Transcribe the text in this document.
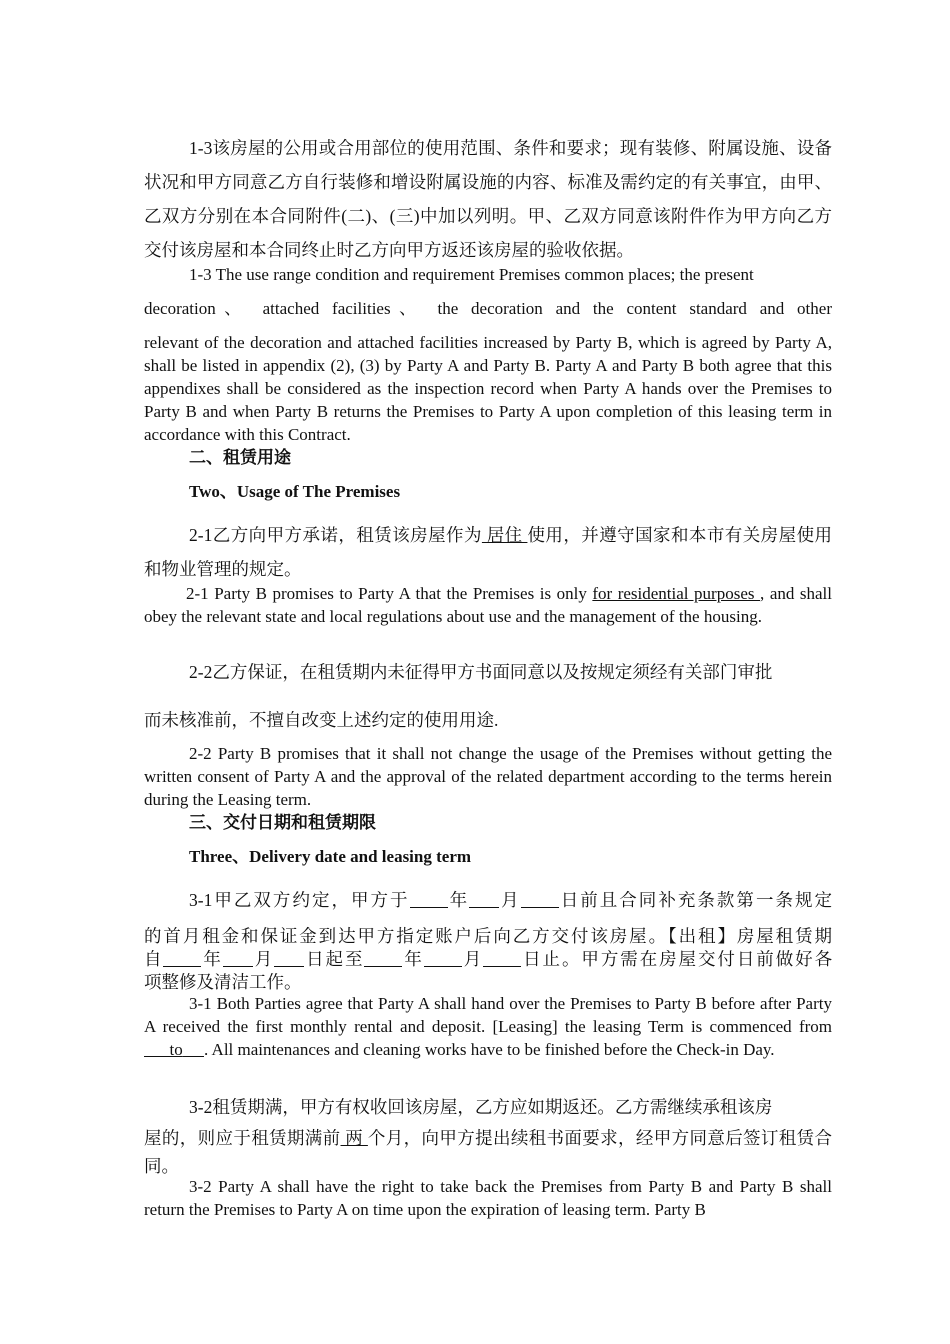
1-3该房屋的公用或合用部位的使用范围、条件和要求；现有装修、附属设施、设备状况和甲方同意乙方自行装修和增设附属设施的内容、标准及需约定的有关事宜，由甲、乙双方分别在本合同附件(二)、(三)中加以列明。甲、乙双方同意该附件作为甲方向乙方交付该房屋和本合同终止时乙方向甲方返还该房屋的验收依据。

1-3 The use range condition and requirement Premises common places; the present

decoration、 attached facilities、 the decoration and the content standard and other

relevant of the decoration and attached facilities increased by Party B, which is agreed by Party A, shall be listed in appendix (2), (3) by Party A and Party B. Party A and Party B both agree that this appendixes shall be considered as the inspection record when Party A hands over the Premises to Party B and when Party B returns the Premises to Party A upon completion of this leasing term in accordance with this Contract.

二、租赁用途

Two、Usage of The Premises

2-1乙方向甲方承诺，租赁该房屋作为 居住 使用，并遵守国家和本市有关房屋使用和物业管理的规定。

2-1 Party B promises to Party A that the Premises is only for residential purposes , and shall obey the relevant state and local regulations about use and the management of the housing.

2-2乙方保证，在租赁期内未征得甲方书面同意以及按规定须经有关部门审批

而未核准前，不擅自改变上述约定的使用用途.

2-2 Party B promises that it shall not change the usage of the Premises without getting the written consent of Party A and the approval of the related department according to the terms herein during the Leasing term.

三、交付日期和租赁期限

Three、Delivery date and leasing term

3-1甲乙双方约定，甲方于 年 月 日前且合同补充条款第一条规定

的首月租金和保证金到达甲方指定账户后向乙方交付该房屋。【出租】房屋租赁期

自 年 月 日起至 年 月 日止。甲方需在房屋交付日前做好各

项整修及清洁工作。

3-1 Both Parties agree that Party A shall hand over the Premises to Party B before after Party A received the first monthly rental and deposit. [Leasing] the leasing Term is commenced from      to . All maintenances and cleaning works have to be finished before the Check-in Day.

3-2租赁期满，甲方有权收回该房屋，乙方应如期返还。乙方需继续承租该房

屋的，则应于租赁期满前 两 个月，向甲方提出续租书面要求，经甲方同意后签订租赁合同。

3-2 Party A shall have the right to take back the Premises from Party B and Party B shall return the Premises to Party A on time upon the expiration of leasing term. Party B
